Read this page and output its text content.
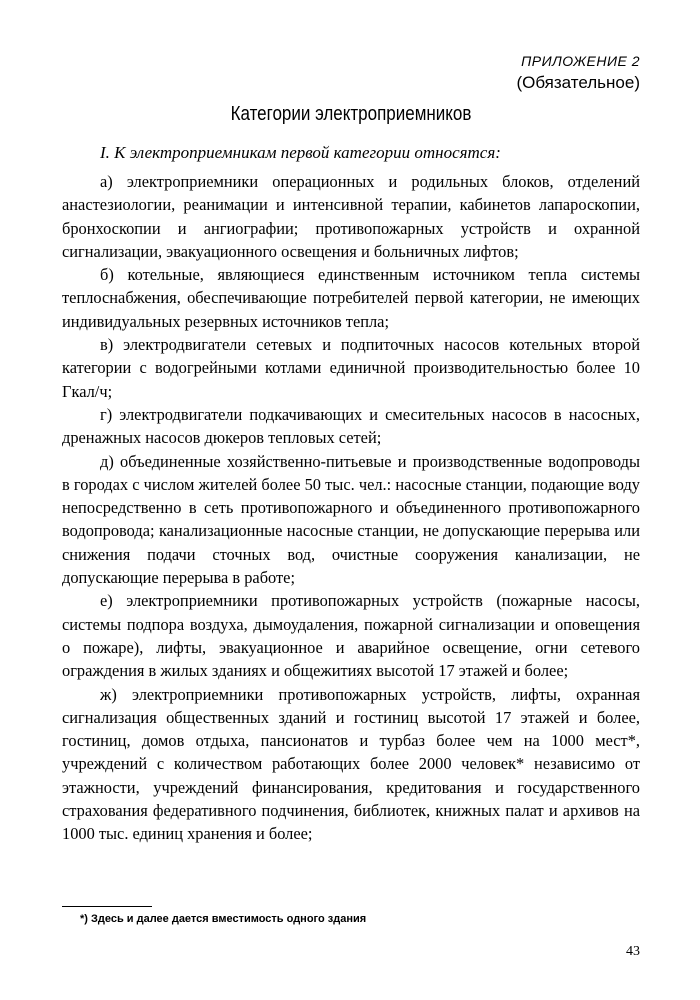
ПРИЛОЖЕНИЕ 2
(Обязательное)
Категории электроприемников
I. К электроприемникам первой категории относятся:

а) электроприемники операционных и родильных блоков, отделений анастезиологии, реанимации и интенсивной терапии, кабинетов лапароскопии, бронхоскопии и ангиографии; противопожарных устройств и охранной сигнализации, эвакуационного освещения и больничных лифтов;

б) котельные, являющиеся единственным источником тепла системы теплоснабжения, обеспечивающие потребителей первой категории, не имеющих индивидуальных резервных источников тепла;

в) электродвигатели сетевых и подпиточных насосов котельных второй категории с водогрейными котлами единичной производительностью более 10 Гкал/ч;

г) электродвигатели подкачивающих и смесительных насосов в насосных, дренажных насосов дюкеров тепловых сетей;

д) объединенные хозяйственно-питьевые и производственные водопроводы в городах с числом жителей более 50 тыс. чел.: насосные станции, подающие воду непосредственно в сеть противопожарного и объединенного противопожарного водопровода; канализационные насосные станции, не допускающие перерыва или снижения подачи сточных вод, очистные сооружения канализации, не допускающие перерыва в работе;

е) электроприемники противопожарных устройств (пожарные насосы, системы подпора воздуха, дымоудаления, пожарной сигнализации и оповещения о пожаре), лифты, эвакуационное и аварийное освещение, огни сетевого ограждения в жилых зданиях и общежитиях высотой 17 этажей и более;

ж) электроприемники противопожарных устройств, лифты, охранная сигнализация общественных зданий и гостиниц высотой 17 этажей и более, гостиниц, домов отдыха, пансионатов и турбаз более чем на 1000 мест*, учреждений с количеством работающих более 2000 человек* независимо от этажности, учреждений финансирования, кредитования и государственного страхования федеративного подчинения, библиотек, книжных палат и архивов на 1000 тыс. единиц хранения и более;

*) Здесь и далее дается вместимость одного здания
43
